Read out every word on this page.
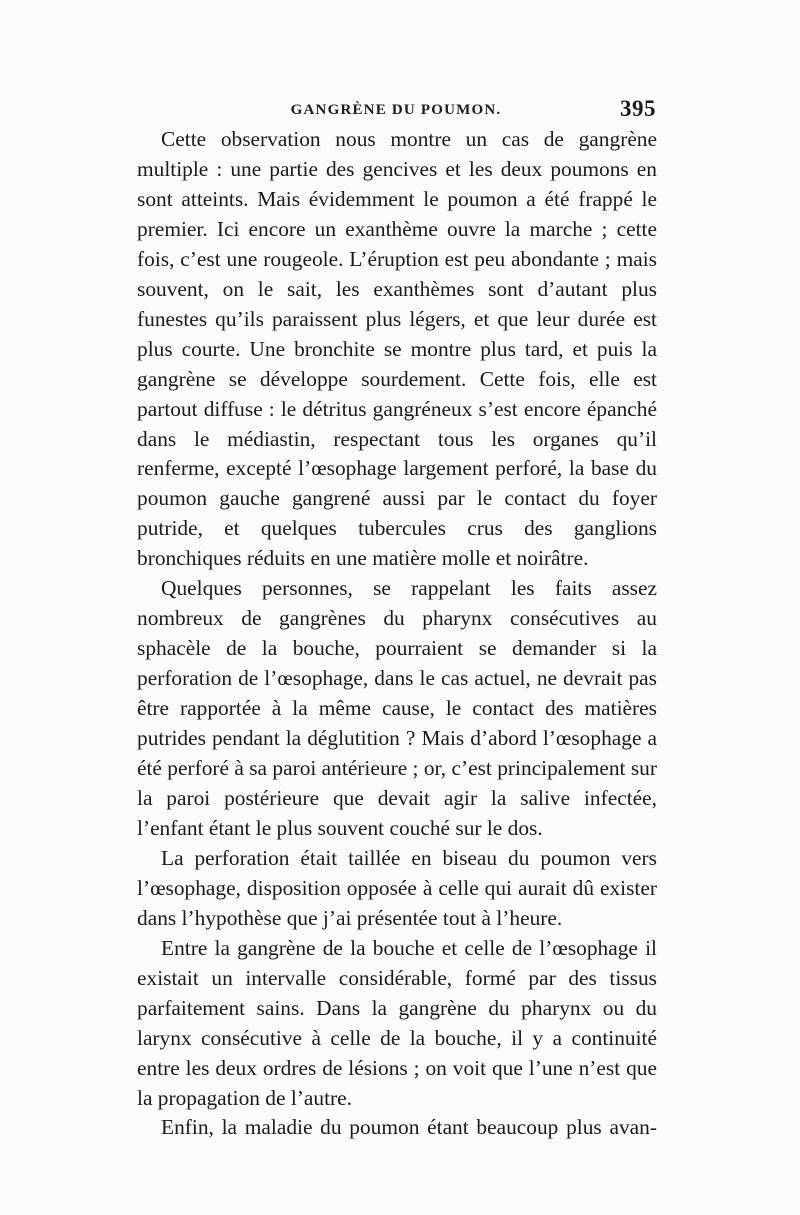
GANGRÈNE DU POUMON.	395

Cette observation nous montre un cas de gangrène multiple : une partie des gencives et les deux poumons en sont atteints. Mais évidemment le poumon a été frappé le premier. Ici encore un exanthème ouvre la marche ; cette fois, c’est une rougeole. L’éruption est peu abondante ; mais souvent, on le sait, les exanthèmes sont d’autant plus funestes qu’ils paraissent plus légers, et que leur durée est plus courte. Une bronchite se montre plus tard, et puis la gangrène se développe sourdement. Cette fois, elle est partout diffuse : le détritus gangréneux s’est encore épanché dans le médiastin, respectant tous les organes qu’il renferme, excepté l’œsophage largement perforé, la base du poumon gauche gangrené aussi par le contact du foyer putride, et quelques tubercules crus des ganglions bronchiques réduits en une matière molle et noirâtre.

Quelques personnes, se rappelant les faits assez nombreux de gangrènes du pharynx consécutives au sphacèle de la bouche, pourraient se demander si la perforation de l’œsophage, dans le cas actuel, ne devrait pas être rapportée à la même cause, le contact des matières putrides pendant la déglutition ? Mais d’abord l’œsophage a été perforé à sa paroi antérieure ; or, c’est principalement sur la paroi postérieure que devait agir la salive infectée, l’enfant étant le plus souvent couché sur le dos.

La perforation était taillée en biseau du poumon vers l’œsophage, disposition opposée à celle qui aurait dû exister dans l’hypothèse que j’ai présentée tout à l’heure.

Entre la gangrène de la bouche et celle de l’œsophage il existait un intervalle considérable, formé par des tissus parfaitement sains. Dans la gangrène du pharynx ou du larynx consécutive à celle de la bouche, il y a continuité entre les deux ordres de lésions ; on voit que l’une n’est que la propagation de l’autre.

Enfin, la maladie du poumon étant beaucoup plus avan-
